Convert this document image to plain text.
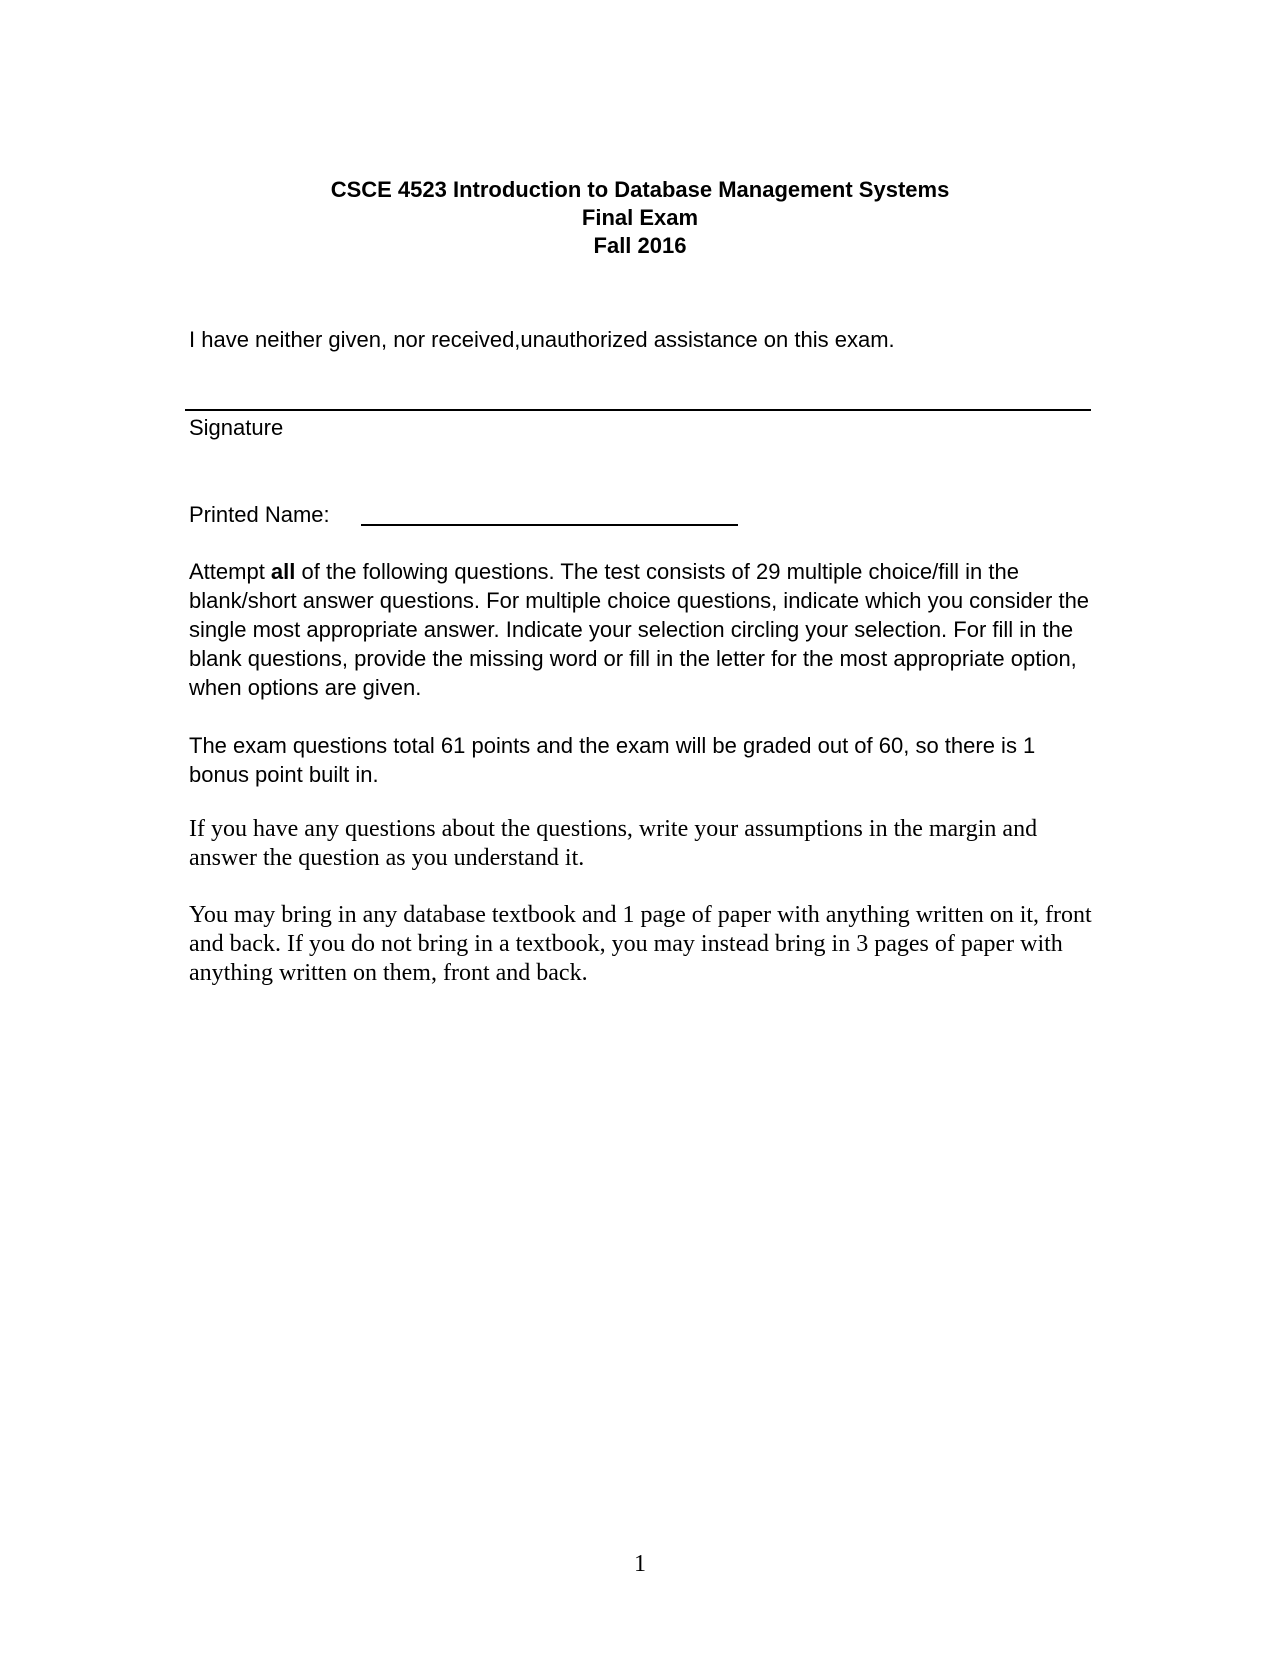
CSCE 4523 Introduction to Database Management Systems
Final Exam
Fall 2016
I have neither given, nor received,unauthorized assistance on this exam.
Signature
Printed Name:
Attempt all of the following questions. The test consists of 29 multiple choice/fill in the blank/short answer questions. For multiple choice questions, indicate which you consider the single most appropriate answer. Indicate your selection circling your selection. For fill in the blank questions, provide the missing word or fill in the letter for the most appropriate option, when options are given.
The exam questions total 61 points and the exam will be graded out of 60, so there is 1 bonus point built in.
If you have any questions about the questions, write your assumptions in the margin and answer the question as you understand it.
You may bring in any database textbook and 1 page of paper with anything written on it, front and back. If you do not bring in a textbook, you may instead bring in 3 pages of paper with anything written on them, front and back.
1
